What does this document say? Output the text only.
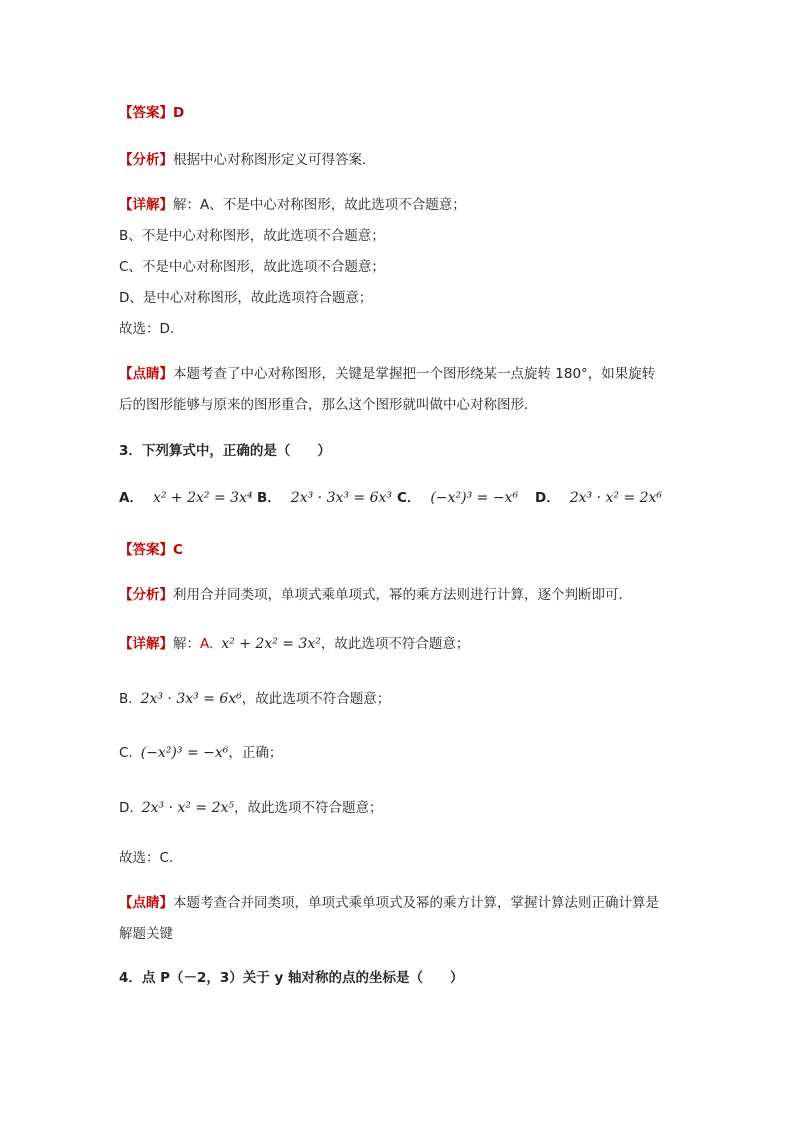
【答案】D
【分析】根据中心对称图形定义可得答案．
【详解】解：A、不是中心对称图形，故此选项不合题意；
B、不是中心对称图形，故此选项不合题意；
C、不是中心对称图形，故此选项不合题意；
D、是中心对称图形，故此选项符合题意；
故选：D．
【点睛】本题考查了中心对称图形，关键是掌握把一个图形绕某一点旋转 180°，如果旋转
后的图形能够与原来的图形重合，那么这个图形就叫做中心对称图形．
3．下列算式中，正确的是（　　）
A． x² + 2x² = 3x⁴ B． 2x³ · 3x³ = 6x³ C． (−x²)³ = −x⁶ D． 2x³ · x² = 2x⁶
【答案】C
【分析】利用合并同类项，单项式乘单项式，幂的乘方法则进行计算，逐个判断即可．
【详解】解：A. x² + 2x² = 3x²，故此选项不符合题意；
B. 2x³ · 3x³ = 6x⁶，故此选项不符合题意；
C. (−x²)³ = −x⁶，正确；
D. 2x³ · x² = 2x⁵，故此选项不符合题意；
故选：C．
【点睛】本题考查合并同类项，单项式乘单项式及幂的乘方计算，掌握计算法则正确计算是
解题关键
4．点 P（－2，3）关于 y 轴对称的点的坐标是（　　）
